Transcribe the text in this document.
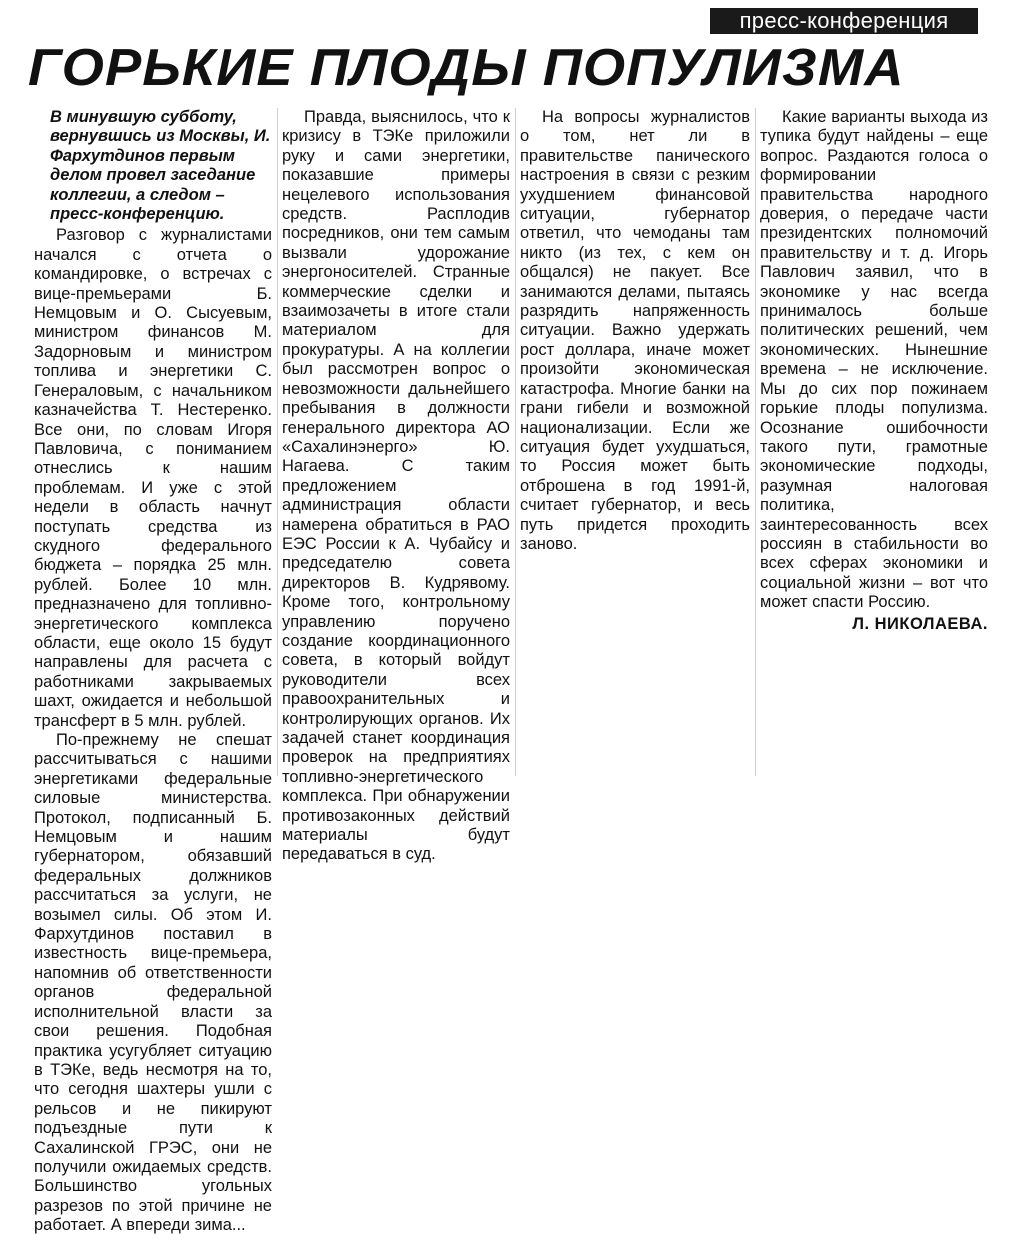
пресс-конференция
ГОРЬКИЕ ПЛОДЫ ПОПУЛИЗМА

В минувшую субботу, вернувшись из Москвы, И. Фархутдинов первым делом провел заседание коллегии, а следом – пресс-конференцию.

Разговор с журналистами начался с отчета о командировке, о встречах с вице-премьерами Б. Немцовым и О. Сысуевым, министром финансов М. Задорновым и министром топлива и энергетики С. Генераловым, с начальником казначейства Т. Нестеренко. Все они, по словам Игоря Павловича, с пониманием отнеслись к нашим проблемам. И уже с этой недели в область начнут поступать средства из скудного федерального бюджета – порядка 25 млн. рублей. Более 10 млн. предназначено для топливно-энергетического комплекса области, еще около 15 будут направлены для расчета с работниками закрываемых шахт, ожидается и небольшой трансферт в 5 млн. рублей.

По-прежнему не спешат рассчитываться с нашими энергетиками федеральные силовые министерства. Протокол, подписанный Б. Немцовым и нашим губернатором, обязавший федеральных должников рассчитаться за услуги, не возымел силы. Об этом И. Фархутдинов поставил в известность вице-премьера, напомнив об ответственности органов федеральной исполнительной власти за свои решения. Подобная практика усугубляет ситуацию в ТЭКе, ведь несмотря на то, что сегодня шахтеры ушли с рельсов и не пикируют подъездные пути к Сахалинской ГРЭС, они не получили ожидаемых средств. Большинство угольных разрезов по этой причине не работает. А впереди зима...

Правда, выяснилось, что к кризису в ТЭКе приложили руку и сами энергетики, показавшие примеры нецелевого использования средств. Расплодив посредников, они тем самым вызвали удорожание энергоносителей. Странные коммерческие сделки и взаимозачеты в итоге стали материалом для прокуратуры. А на коллегии был рассмотрен вопрос о невозможности дальнейшего пребывания в должности генерального директора АО «Сахалинэнерго» Ю. Нагаева. С таким предложением администрация области намерена обратиться в РАО ЕЭС России к А. Чубайсу и председателю совета директоров В. Кудрявому. Кроме того, контрольному управлению поручено создание координационного совета, в который войдут руководители всех правоохранительных и контролирующих органов. Их задачей станет координация проверок на предприятиях топливно-энергетического комплекса. При обнаружении противозаконных действий материалы будут передаваться в суд.

На вопросы журналистов о том, нет ли в правительстве панического настроения в связи с резким ухудшением финансовой ситуации, губернатор ответил, что чемоданы там никто (из тех, с кем он общался) не пакует. Все занимаются делами, пытаясь разрядить напряженность ситуации. Важно удержать рост доллара, иначе может произойти экономическая катастрофа. Многие банки на грани гибели и возможной национализации. Если же ситуация будет ухудшаться, то Россия может быть отброшена в год 1991-й, считает губернатор, и весь путь придется проходить заново.

Какие варианты выхода из тупика будут найдены – еще вопрос. Раздаются голоса о формировании правительства народного доверия, о передаче части президентских полномочий правительству и т. д. Игорь Павлович заявил, что в экономике у нас всегда принималось больше политических решений, чем экономических. Нынешние времена – не исключение. Мы до сих пор пожинаем горькие плоды популизма. Осознание ошибочности такого пути, грамотные экономические подходы, разумная налоговая политика, заинтересованность всех россиян в стабильности во всех сферах экономики и социальной жизни – вот что может спасти Россию.

Л. НИКОЛАЕВА.
